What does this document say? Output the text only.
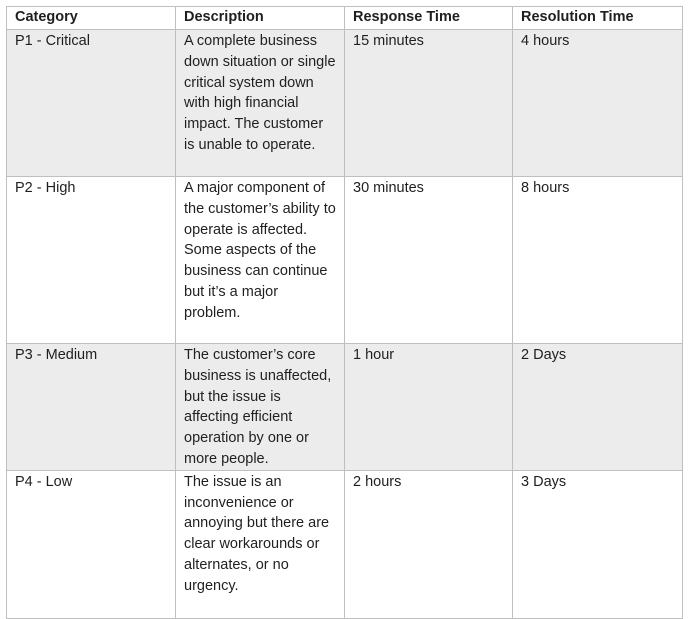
Category	Description	Response Time	Resolution Time
P1 - Critical	A complete business down situation or single critical system down with high financial impact. The customer is unable to operate.	15 minutes	4 hours
P2 - High	A major component of the customer’s ability to operate is affected. Some aspects of the business can continue but it’s a major problem.	30 minutes	8 hours
P3 - Medium	The customer’s core business is unaffected, but the issue is affecting efficient operation by one or more people.	1 hour	2 Days
P4 - Low	The issue is an inconvenience or annoying but there are clear workarounds or alternates, or no urgency.	2 hours	3 Days
